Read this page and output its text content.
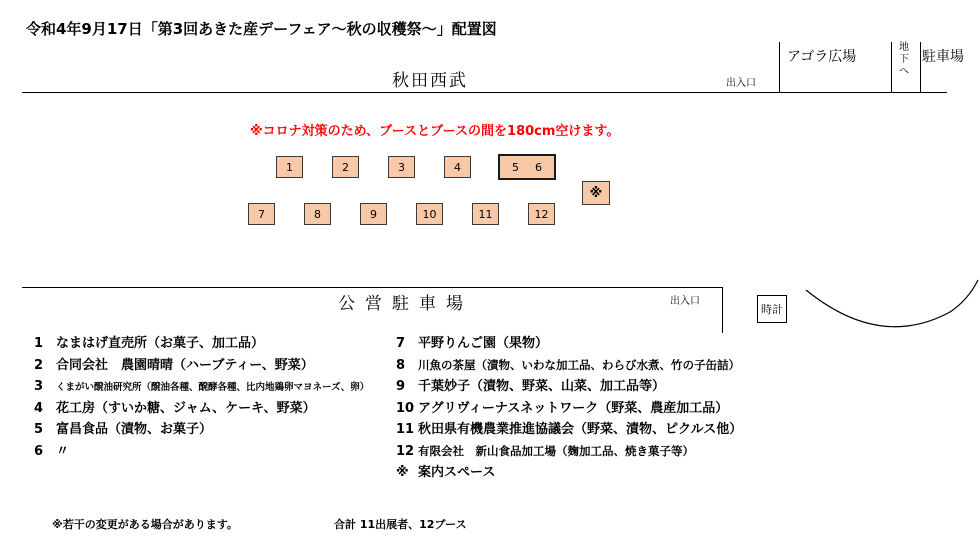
令和4年9月17日「第3回あきた産デーフェア～秋の収穫祭～」配置図
秋田西武	出入口
アゴラ広場
地
下
へ
駐車場
※コロナ対策のため、ブースとブースの間を180cm空けます。
1	2	3	4	5 6
※
7	8	9	10	11	12
公営駐車場	出入口
時計
1 なまはげ直売所（お菓子、加工品）
2 合同会社　農園晴晴（ハーブティー、野菜）
3 くまがい醗油研究所（醗油各種、醗酵各種、比内地鶏卵マヨネーズ、卵）
4 花工房（すいか糖、ジャム、ケーキ、野菜）
5 富昌食品（漬物、お菓子）
6 〃
7 平野りんご園（果物）
8 川魚の茶屋（漬物、いわな加工品、わらび水煮、竹の子缶詰）
9 千葉妙子（漬物、野菜、山菜、加工品等）
10 アグリヴィーナスネットワーク（野菜、農産加工品）
11 秋田県有機農業推進協議会（野菜、漬物、ピクルス他）
12 有限会社　新山食品加工場（麹加工品、焼き菓子等）
※ 案内スペース
※若干の変更がある場合があります。	合計 11出展者、12ブース
